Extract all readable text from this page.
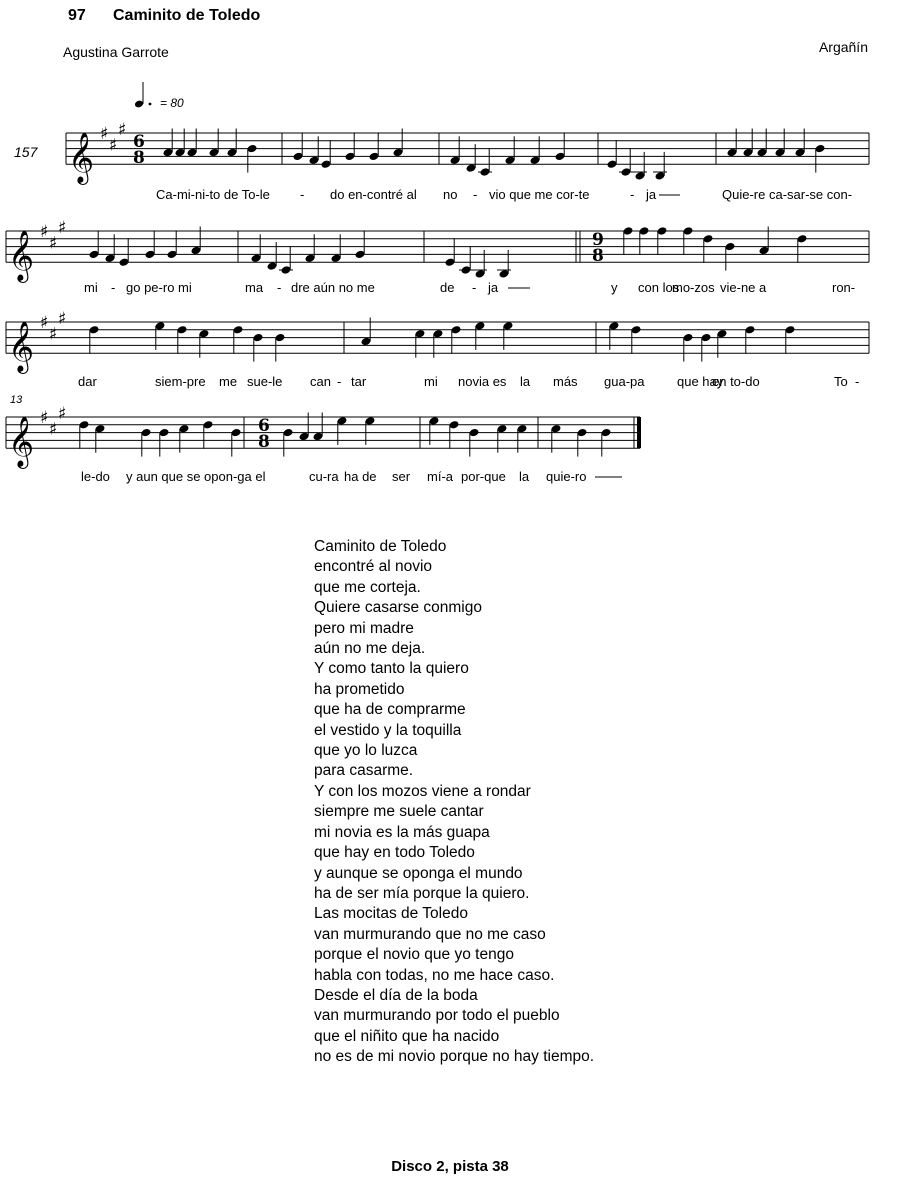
97 Caminito de Toledo
Agustina Garrote	Argañín
𝄞 ♯
♯
♯
6
8
𝄞 ♯
♯
♯
9
8
𝄞 ♯
♯
♯
𝄞 ♯
♯
♯
6
8
= 80
157
13
Ca-mi-ni-to de To-le - do en-contré al no - vio que me cor-te	- ja	Quie-re ca-sar-se con-
mi - go pe-ro mi	ma - dre aún no me	de - ja	y con los
mo-zos vie-ne a	ron-
dar	siem-pre me sue-le can - tar	mi novia es la más gua-pa	que hay
en to-do	To -
le-do y aun que se opon-ga el	cu-ra ha de ser mí-a por-que la quie-ro
Caminito de Toledo
encontré al novio
que me corteja.
Quiere casarse conmigo
pero mi madre
aún no me deja.
Y como tanto la quiero
ha prometido
que ha de comprarme
el vestido y la toquilla
que yo lo luzca
para casarme.
Y con los mozos viene a rondar
siempre me suele cantar
mi novia es la más guapa
que hay en todo Toledo
y aunque se oponga el mundo
ha de ser mía porque la quiero.
Las mocitas de Toledo
van murmurando que no me caso
porque el novio que yo tengo
habla con todas, no me hace caso.
Desde el día de la boda
van murmurando por todo el pueblo
que el niñito que ha nacido
no es de mi novio porque no hay tiempo.
Disco 2, pista 38
